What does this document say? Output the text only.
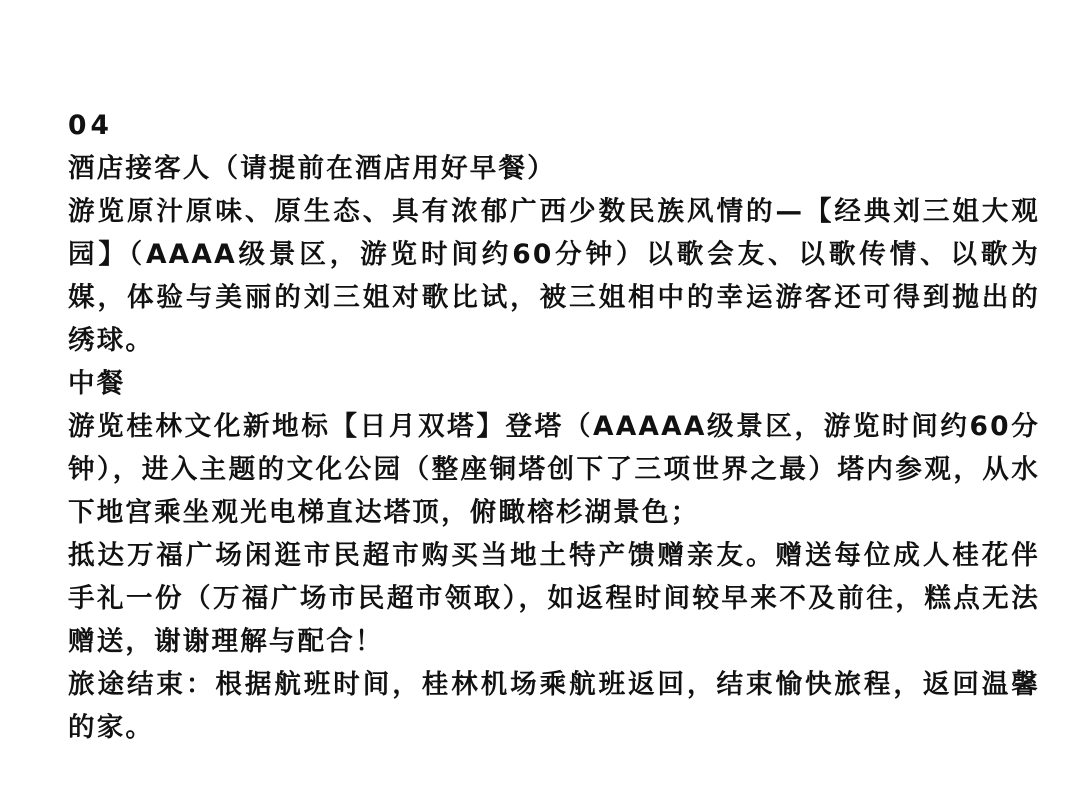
04

酒店接客人（请提前在酒店用好早餐）

游览原汁原味、原生态、具有浓郁广西少数民族风情的—【经典刘三姐大观园】（AAAA级景区，游览时间约60分钟）以歌会友、以歌传情、以歌为媒，体验与美丽的刘三姐对歌比试，被三姐相中的幸运游客还可得到抛出的绣球。

中餐

游览桂林文化新地标【日月双塔】登塔（AAAAA级景区，游览时间约60分钟），进入主题的文化公园（整座铜塔创下了三项世界之最）塔内参观，从水下地宫乘坐观光电梯直达塔顶，俯瞰榕杉湖景色；

抵达万福广场闲逛市民超市购买当地土特产馈赠亲友。赠送每位成人桂花伴手礼一份（万福广场市民超市领取），如返程时间较早来不及前往，糕点无法赠送，谢谢理解与配合！

旅途结束：根据航班时间，桂林机场乘航班返回，结束愉快旅程，返回温馨的家。
